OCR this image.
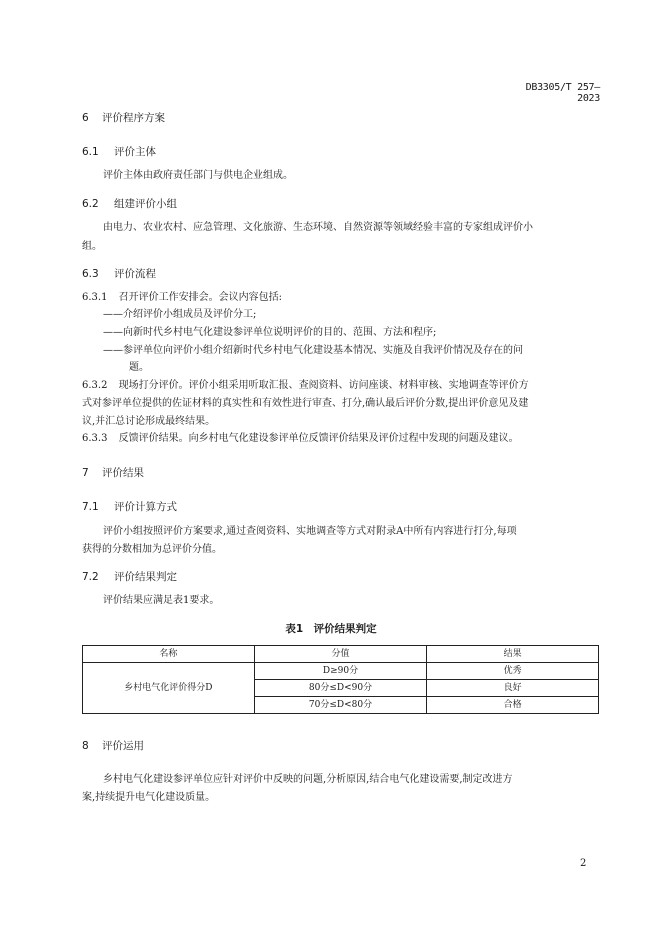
DB3305/T 257—2023
6 评价程序方案
6.1 评价主体
评价主体由政府责任部门与供电企业组成。
6.2 组建评价小组
由电力、农业农村、应急管理、文化旅游、生态环境、自然资源等领域经验丰富的专家组成评价小
组。
6.3 评价流程
6.3.1 召开评价工作安排会。会议内容包括:
——介绍评价小组成员及评价分工;
——向新时代乡村电气化建设参评单位说明评价的目的、范围、方法和程序;
——参评单位向评价小组介绍新时代乡村电气化建设基本情况、实施及自我评价情况及存在的问
题。
6.3.2 现场打分评价。评价小组采用听取汇报、查阅资料、访问座谈、材料审核、实地调查等评价方
式对参评单位提供的佐证材料的真实性和有效性进行审查、打分,确认最后评价分数,提出评价意见及建
议,并汇总讨论形成最终结果。
6.3.3 反馈评价结果。向乡村电气化建设参评单位反馈评价结果及评价过程中发现的问题及建议。
7 评价结果
7.1 评价计算方式
评价小组按照评价方案要求,通过查阅资料、实地调查等方式对附录A中所有内容进行打分,每项
获得的分数相加为总评价分值。
7.2 评价结果判定
评价结果应满足表1要求。
表1　评价结果判定
名称	分值	结果
乡村电气化评价得分D	D≥90分	优秀
	80分≤D<90分	良好
	70分≤D<80分	合格
8 评价运用
乡村电气化建设参评单位应针对评价中反映的问题,分析原因,结合电气化建设需要,制定改进方
案,持续提升电气化建设质量。
2
